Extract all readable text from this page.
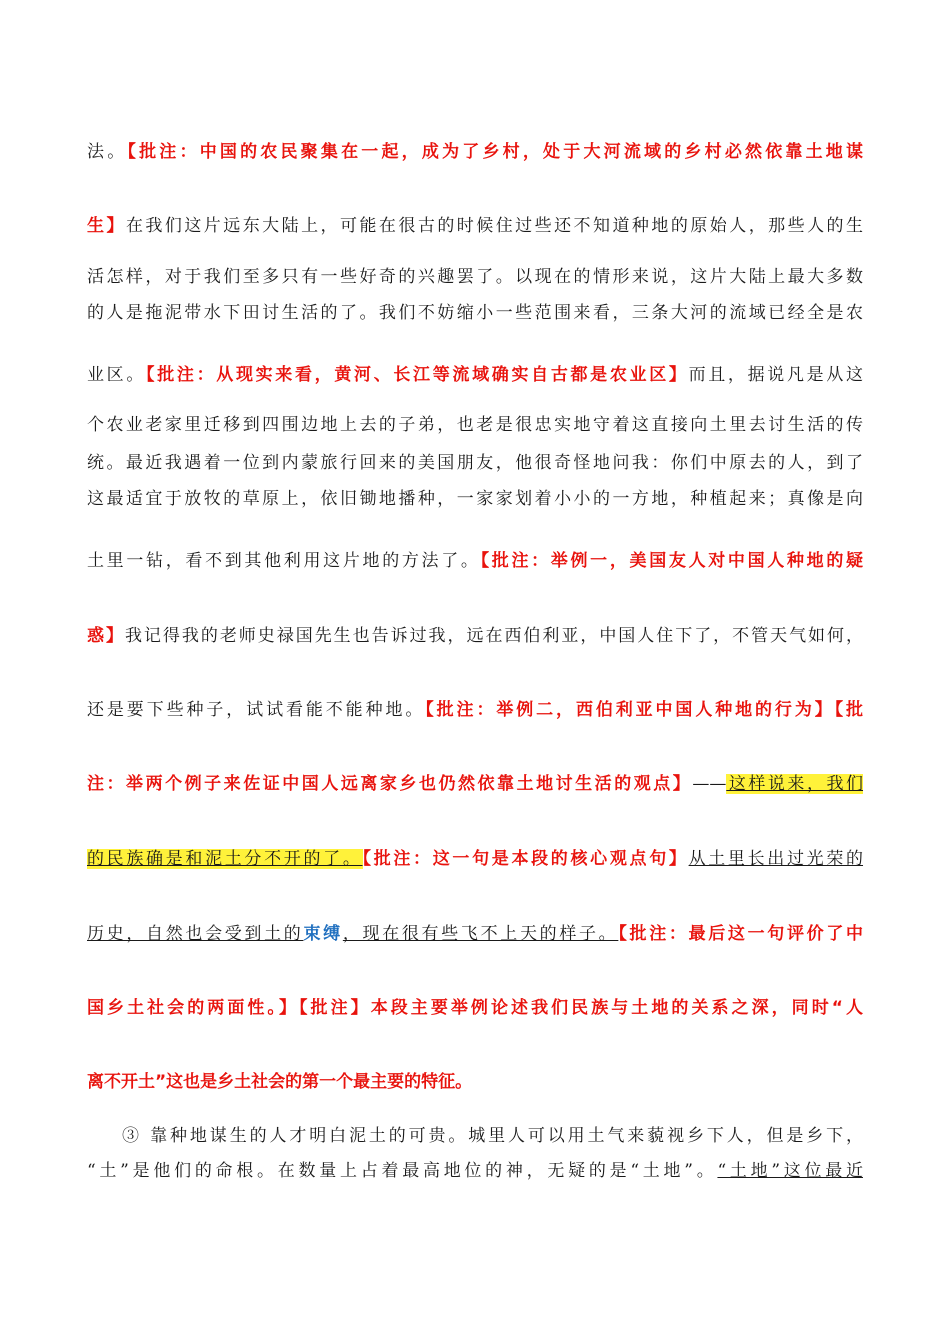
法。【批注：中国的农民聚集在一起，成为了乡村，处于大河流域的乡村必然依靠土地谋
生】在我们这片远东大陆上，可能在很古的时候住过些还不知道种地的原始人，那些人的生
活怎样，对于我们至多只有一些好奇的兴趣罢了。以现在的情形来说，这片大陆上最大多数
的人是拖泥带水下田讨生活的了。我们不妨缩小一些范围来看，三条大河的流域已经全是农
业区。【批注：从现实来看，黄河、长江等流域确实自古都是农业区】而且，据说凡是从这
个农业老家里迁移到四围边地上去的子弟，也老是很忠实地守着这直接向土里去讨生活的传
统。最近我遇着一位到内蒙旅行回来的美国朋友，他很奇怪地问我：你们中原去的人，到了
这最适宜于放牧的草原上，依旧锄地播种，一家家划着小小的一方地，种植起来；真像是向
土里一钻，看不到其他利用这片地的方法了。【批注：举例一，美国友人对中国人种地的疑
惑】我记得我的老师史禄国先生也告诉过我，远在西伯利亚，中国人住下了，不管天气如何，
还是要下些种子，试试看能不能种地。【批注：举例二，西伯利亚中国人种地的行为】【批
注：举两个例子来佐证中国人远离家乡也仍然依靠土地讨生活的观点】——这样说来，我们
的民族确是和泥土分不开的了。【批注：这一句是本段的核心观点句】从土里长出过光荣的
历史，自然也会受到土的束缚，现在很有些飞不上天的样子。【批注：最后这一句评价了中
国乡土社会的两面性。】【批注】本段主要举例论述我们民族与土地的关系之深，同时“人
离不开土”这也是乡土社会的第一个最主要的特征。
③ 靠种地谋生的人才明白泥土的可贵。城里人可以用土气来藐视乡下人，但是乡下，
“土”是他们的命根。在数量上占着最高地位的神，无疑的是“土地”。“土地”这位最近
